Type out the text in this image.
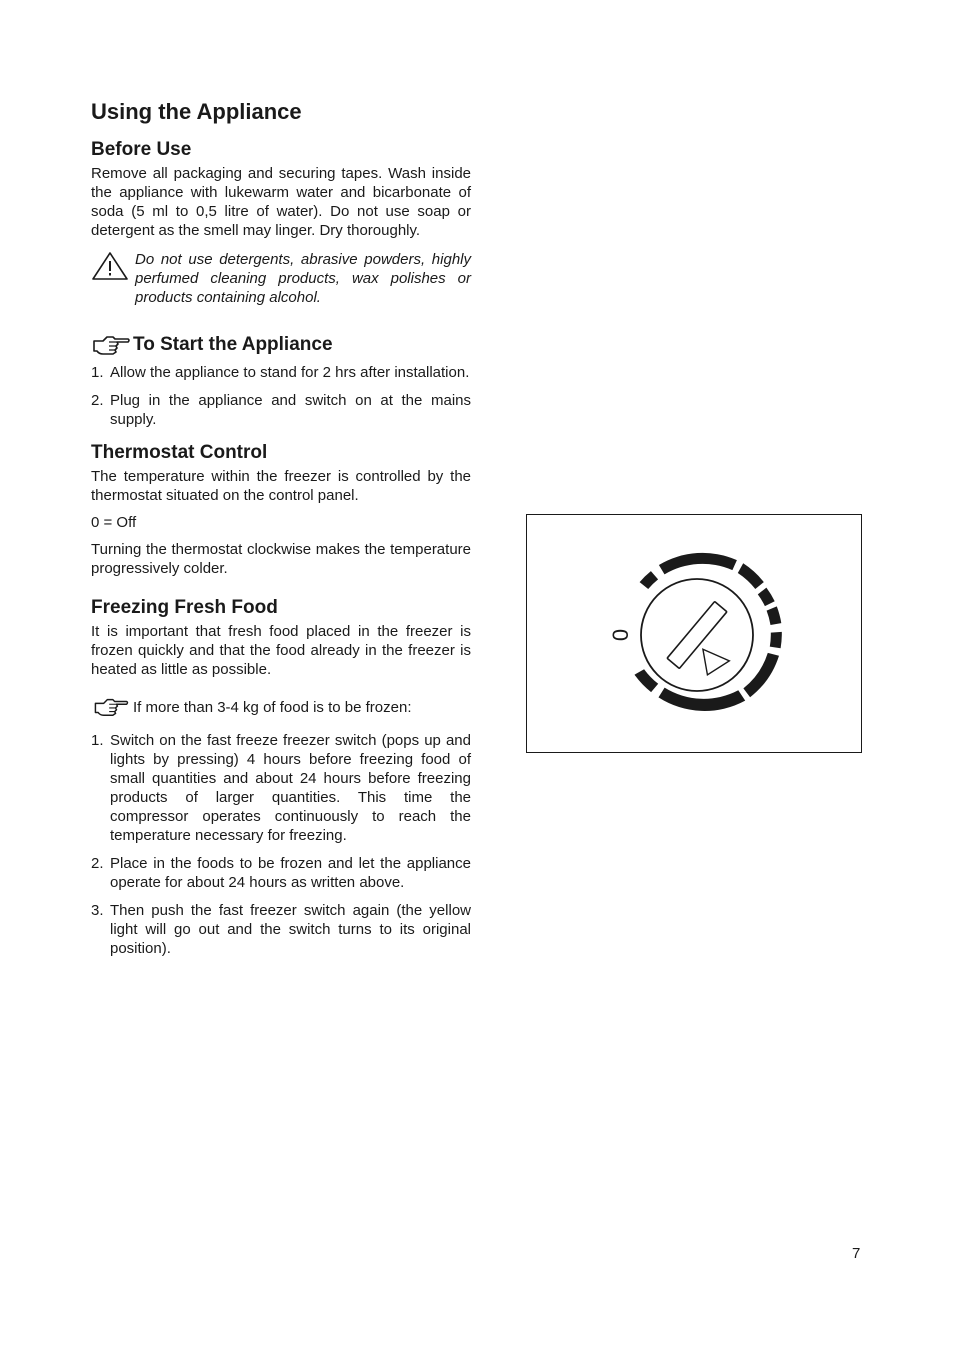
Using the Appliance
Before Use

Remove all packaging and securing tapes. Wash inside the appliance with lukewarm water and bicarbonate of soda (5 ml to 0,5 litre of water). Do not use soap or detergent as the smell may linger. Dry thoroughly.

Do not use detergents, abrasive powders, highly perfumed cleaning products, wax polishes or products containing alcohol.

To Start the Appliance
1. Allow the appliance to stand for 2 hrs after installation.
2. Plug in the appliance and switch on at the mains supply.
Thermostat Control

The temperature within the freezer is controlled by the thermostat situated on the control panel.

0 = Off

Turning the thermostat clockwise makes the temperature progressively colder.

Freezing Fresh Food

It is important that fresh food placed in the freezer is frozen quickly and that the food already in the freezer is heated as little as possible.

If more than 3-4 kg of food is to be frozen:
1. Switch on the fast freeze freezer switch (pops up and lights by pressing) 4 hours before freezing food of small quantities and about 24 hours before freezing products of larger quantities. This time the compressor operates continuously to reach the temperature necessary for freezing.
2. Place in the foods to be frozen and let the appliance operate for about 24 hours as written above.
3. Then push the fast freezer switch again (the yellow light will go out and the switch turns to its original position).
0
7
